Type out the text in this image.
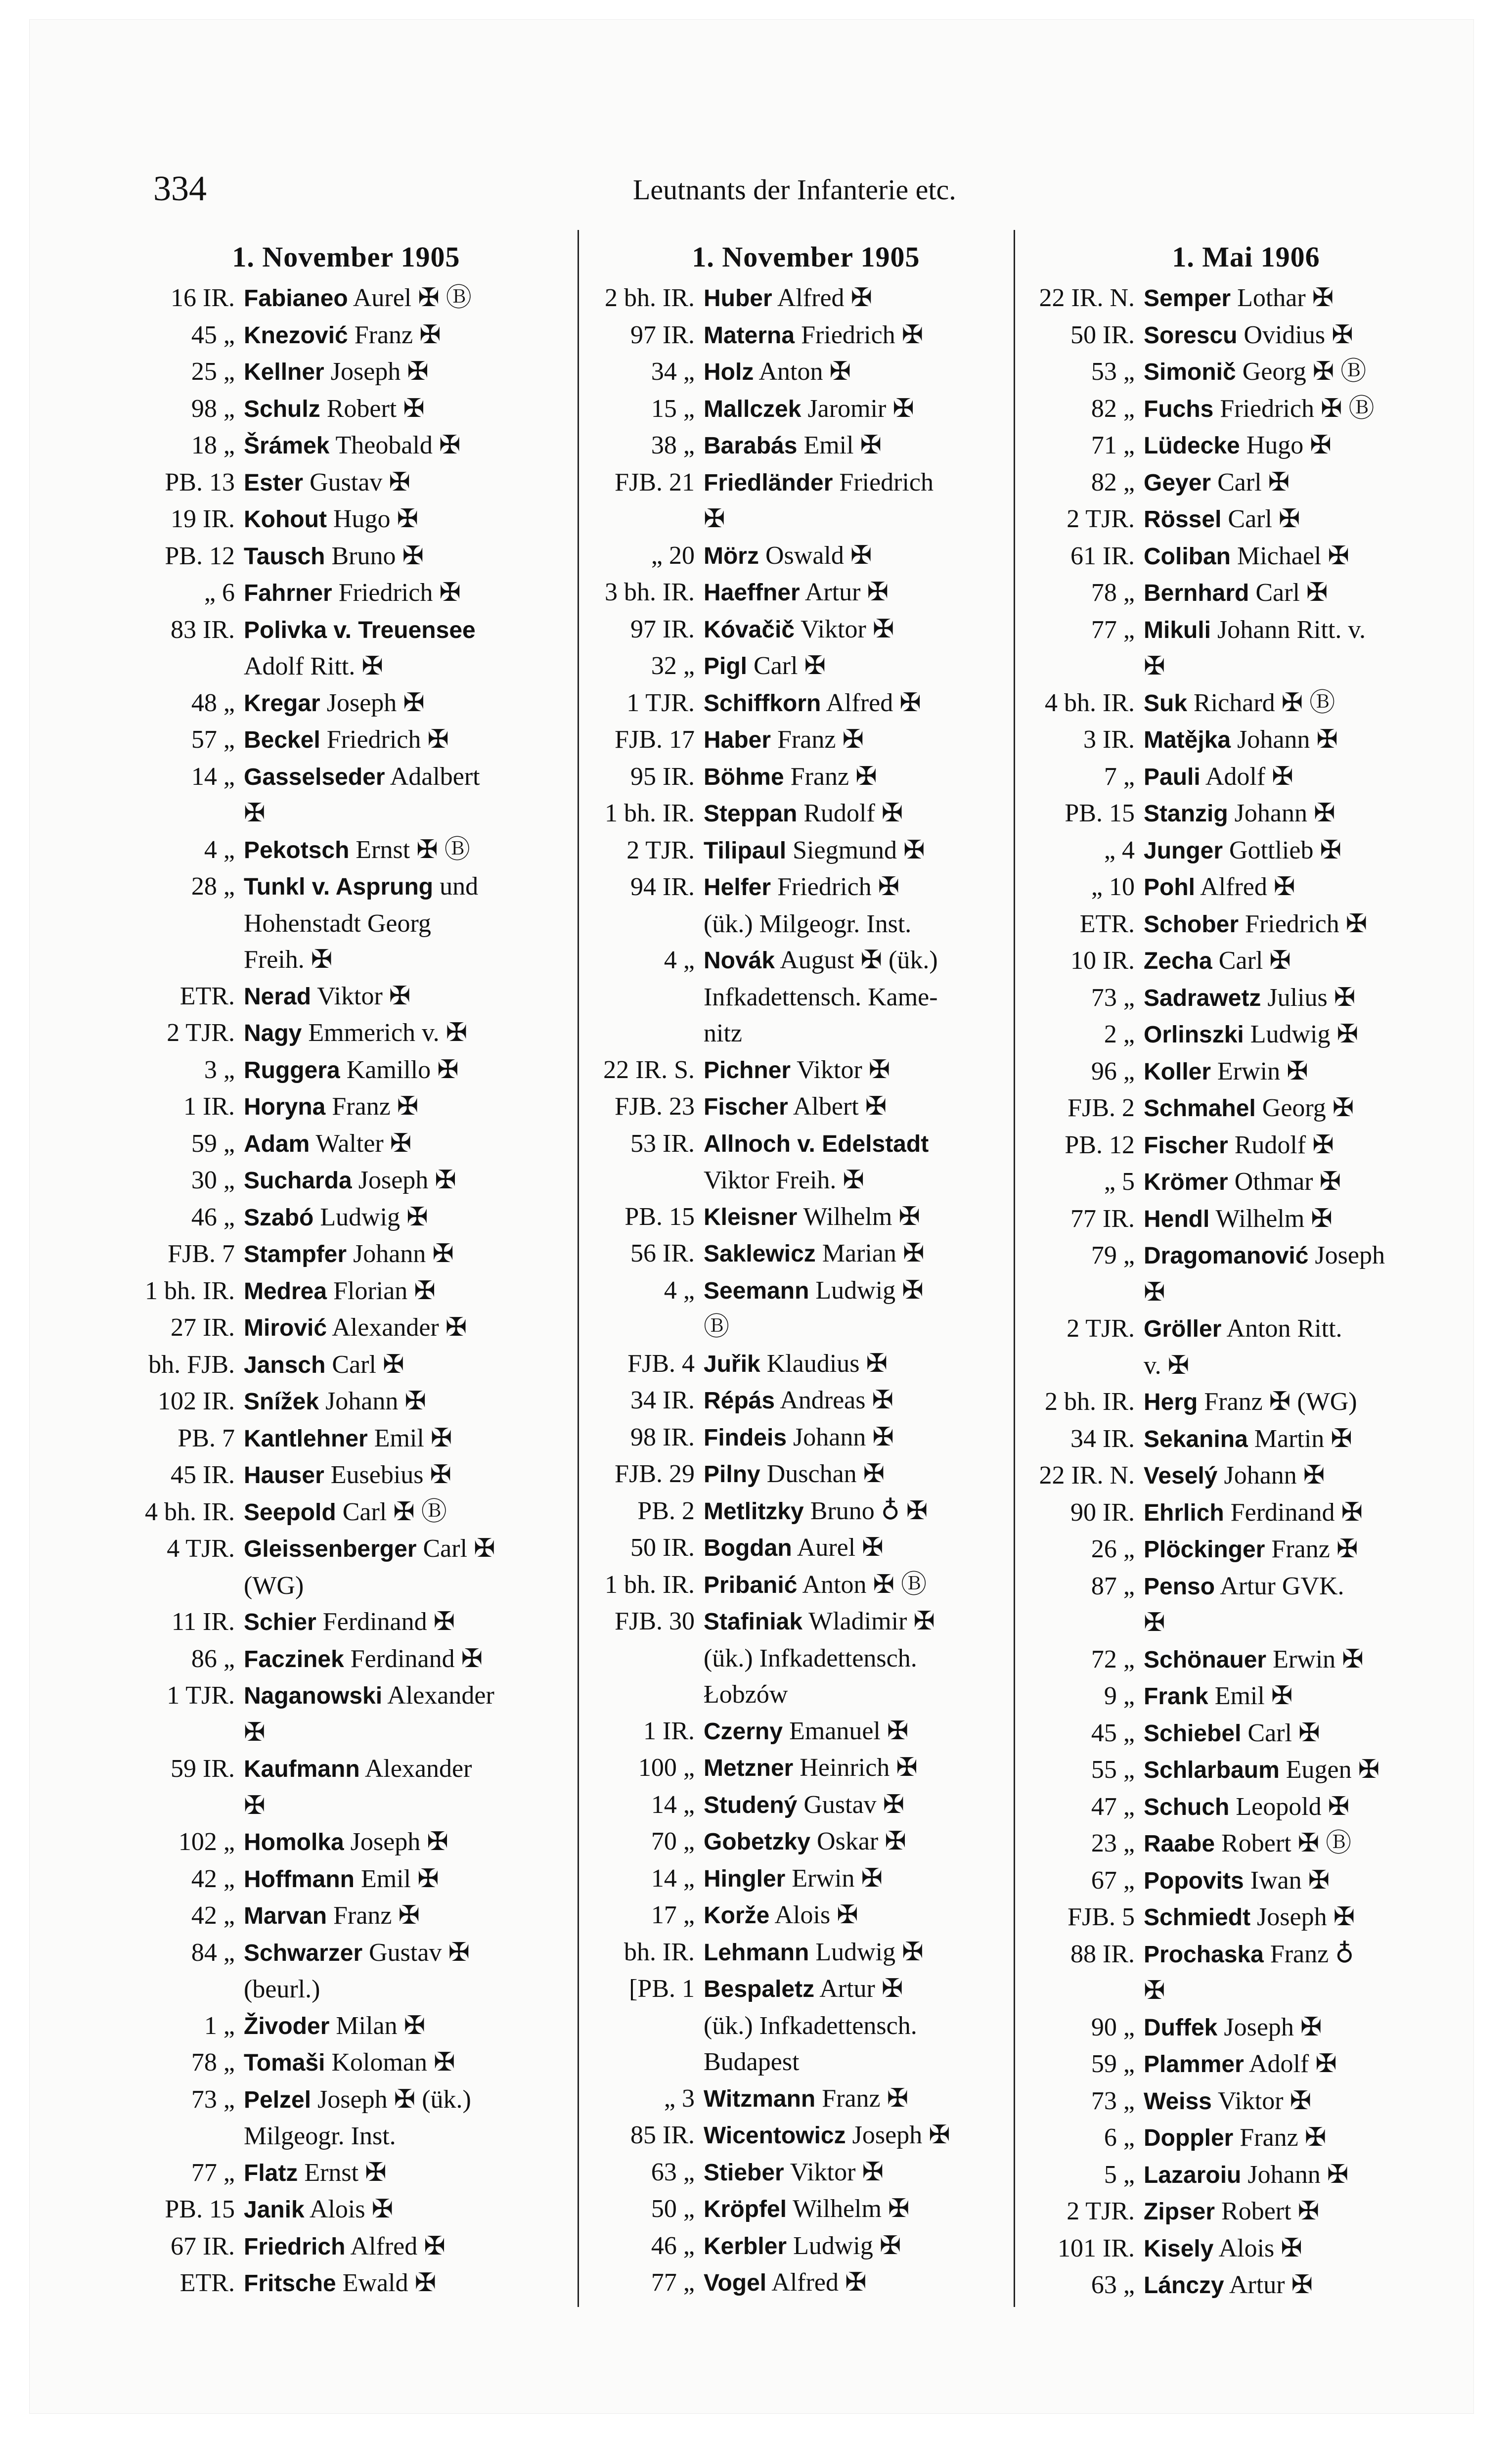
334	Leutnants der Infanterie etc.
1. November 1905
16 IR. Fabianeo Aurel ✠ Ⓑ
45 „ Knezović Franz ✠
25 „ Kellner Joseph ✠
98 „ Schulz Robert ✠
18 „ Šrámek Theobald ✠
PB. 13 Ester Gustav ✠
19 IR. Kohout Hugo ✠
PB. 12 Tausch Bruno ✠
„ 6 Fahrner Friedrich ✠
83 IR. Polivka v. Treuensee
Adolf Ritt. ✠
48 „ Kregar Joseph ✠
57 „ Beckel Friedrich ✠
14 „ Gasselseder Adalbert
✠
4 „ Pekotsch Ernst ✠ Ⓑ
28 „ Tunkl v. Asprung und
Hohenstadt Georg
Freih. ✠
ETR. Nerad Viktor ✠
2 TJR. Nagy Emmerich v. ✠
3 „ Ruggera Kamillo ✠
1 IR. Horyna Franz ✠
59 „ Adam Walter ✠
30 „ Sucharda Joseph ✠
46 „ Szabó Ludwig ✠
FJB. 7 Stampfer Johann ✠
1 bh. IR. Medrea Florian ✠
27 IR. Mirović Alexander ✠
bh. FJB. Jansch Carl ✠
102 IR. Snížek Johann ✠
PB. 7 Kantlehner Emil ✠
45 IR. Hauser Eusebius ✠
4 bh. IR. Seepold Carl ✠ Ⓑ
4 TJR. Gleissenberger Carl ✠
(WG)
11 IR. Schier Ferdinand ✠
86 „ Faczinek Ferdinand ✠
1 TJR. Naganowski Alexander
✠
59 IR. Kaufmann Alexander
✠
102 „ Homolka Joseph ✠
42 „ Hoffmann Emil ✠
42 „ Marvan Franz ✠
84 „ Schwarzer Gustav ✠
(beurl.)
1 „ Živoder Milan ✠
78 „ Tomaši Koloman ✠
73 „ Pelzel Joseph ✠ (ük.)
Milgeogr. Inst.
77 „ Flatz Ernst ✠
PB. 15 Janik Alois ✠
67 IR. Friedrich Alfred ✠
ETR. Fritsche Ewald ✠
1. November 1905
2 bh. IR. Huber Alfred ✠
97 IR. Materna Friedrich ✠
34 „ Holz Anton ✠
15 „ Mallczek Jaromir ✠
38 „ Barabás Emil ✠
FJB. 21 Friedländer Friedrich
✠
„ 20 Mörz Oswald ✠
3 bh. IR. Haeffner Artur ✠
97 IR. Kóvačič Viktor ✠
32 „ Pigl Carl ✠
1 TJR. Schiffkorn Alfred ✠
FJB. 17 Haber Franz ✠
95 IR. Böhme Franz ✠
1 bh. IR. Steppan Rudolf ✠
2 TJR. Tilipaul Siegmund ✠
94 IR. Helfer Friedrich ✠
(ük.) Milgeogr. Inst.
4 „ Novák August ✠ (ük.)
Infkadettensch. Kame-
nitz
22 IR. S. Pichner Viktor ✠
FJB. 23 Fischer Albert ✠
53 IR. Allnoch v. Edelstadt
Viktor Freih. ✠
PB. 15 Kleisner Wilhelm ✠
56 IR. Saklewicz Marian ✠
4 „ Seemann Ludwig ✠
Ⓑ
FJB. 4 Juřik Klaudius ✠
34 IR. Répás Andreas ✠
98 IR. Findeis Johann ✠
FJB. 29 Pilny Duschan ✠
PB. 2 Metlitzky Bruno ♁ ✠
50 IR. Bogdan Aurel ✠
1 bh. IR. Pribanić Anton ✠ Ⓑ
FJB. 30 Stafiniak Wladimir ✠
(ük.) Infkadettensch.
Łobzów
1 IR. Czerny Emanuel ✠
100 „ Metzner Heinrich ✠
14 „ Studený Gustav ✠
70 „ Gobetzky Oskar ✠
14 „ Hingler Erwin ✠
17 „ Korže Alois ✠
bh. IR. Lehmann Ludwig ✠
[PB. 1 Bespaletz Artur ✠
(ük.) Infkadettensch.
Budapest
„ 3 Witzmann Franz ✠
85 IR. Wicentowicz Joseph ✠
63 „ Stieber Viktor ✠
50 „ Kröpfel Wilhelm ✠
46 „ Kerbler Ludwig ✠
77 „ Vogel Alfred ✠
1. Mai 1906
22 IR. N. Semper Lothar ✠
50 IR. Sorescu Ovidius ✠
53 „ Simonič Georg ✠ Ⓑ
82 „ Fuchs Friedrich ✠ Ⓑ
71 „ Lüdecke Hugo ✠
82 „ Geyer Carl ✠
2 TJR. Rössel Carl ✠
61 IR. Coliban Michael ✠
78 „ Bernhard Carl ✠
77 „ Mikuli Johann Ritt. v.
✠
4 bh. IR. Suk Richard ✠ Ⓑ
3 IR. Matějka Johann ✠
7 „ Pauli Adolf ✠
PB. 15 Stanzig Johann ✠
„ 4 Junger Gottlieb ✠
„ 10 Pohl Alfred ✠
ETR. Schober Friedrich ✠
10 IR. Zecha Carl ✠
73 „ Sadrawetz Julius ✠
2 „ Orlinszki Ludwig ✠
96 „ Koller Erwin ✠
FJB. 2 Schmahel Georg ✠
PB. 12 Fischer Rudolf ✠
„ 5 Krömer Othmar ✠
77 IR. Hendl Wilhelm ✠
79 „ Dragomanović Joseph
✠
2 TJR. Gröller Anton Ritt.
v. ✠
2 bh. IR. Herg Franz ✠ (WG)
34 IR. Sekanina Martin ✠
22 IR. N. Veselý Johann ✠
90 IR. Ehrlich Ferdinand ✠
26 „ Plöckinger Franz ✠
87 „ Penso Artur GVK.
✠
72 „ Schönauer Erwin ✠
9 „ Frank Emil ✠
45 „ Schiebel Carl ✠
55 „ Schlarbaum Eugen ✠
47 „ Schuch Leopold ✠
23 „ Raabe Robert ✠ Ⓑ
67 „ Popovits Iwan ✠
FJB. 5 Schmiedt Joseph ✠
88 IR. Prochaska Franz ♁
✠
90 „ Duffek Joseph ✠
59 „ Plammer Adolf ✠
73 „ Weiss Viktor ✠
6 „ Doppler Franz ✠
5 „ Lazaroiu Johann ✠
2 TJR. Zipser Robert ✠
101 IR. Kisely Alois ✠
63 „ Lánczy Artur ✠
